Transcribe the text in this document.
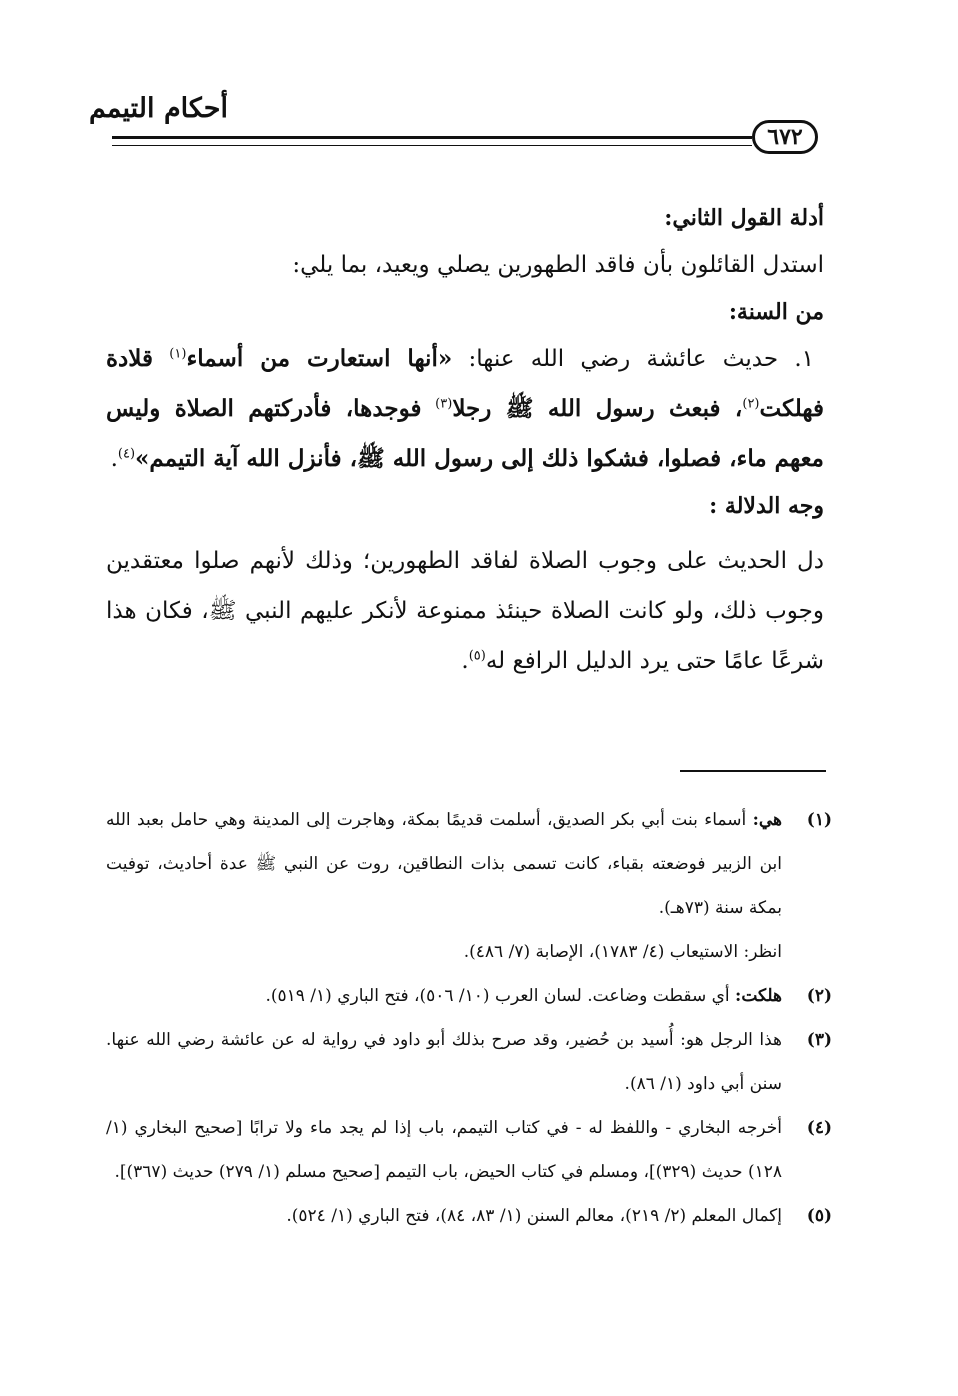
أحكام التيمم
٦٧٢

أدلة القول الثاني:

استدل القائلون بأن فاقد الطهورين يصلي ويعيد، بما يلي:

من السنة:

١. حديث عائشة رضي الله عنها: «أنها استعارت من أسماء$^{(١)}$ قلادة فهلكت$^{(٢)}$، فبعث رسول الله ﷺ رجلا$^{(٣)}$ فوجدها، فأدركتهم الصلاة وليس معهم ماء، فصلوا، فشكوا ذلك إلى رسول الله ﷺ، فأنزل الله آية التيمم»$^{(٤)}$.

وجه الدلالة :

دل الحديث على وجوب الصلاة لفاقد الطهورين؛ وذلك لأنهم صلوا معتقدين وجوب ذلك، ولو كانت الصلاة حينئذ ممنوعة لأنكر عليهم النبي ﷺ، فكان هذا شرعًا عامًا حتى يرد الدليل الرافع له$^{(٥)}$.

(١)
هي: أسماء بنت أبي بكر الصديق، أسلمت قديمًا بمكة، وهاجرت إلى المدينة وهي حامل بعبد الله ابن الزبير فوضعته بقباء، كانت تسمى بذات النطاقين، روت عن النبي ﷺ عدة أحاديث، توفيت بمكة سنة (٧٣هـ).

انظر: الاستيعاب (٤/ ١٧٨٣)، الإصابة (٧/ ٤٨٦).

(٢)
هلكت: أي سقطت وضاعت. لسان العرب (١٠/ ٥٠٦)، فتح الباري (١/ ٥١٩).

(٣)
هذا الرجل هو: أُسيد بن حُضير، وقد صرح بذلك أبو داود في رواية له عن عائشة رضي الله عنها. سنن أبي داود (١/ ٨٦).

(٤)
أخرجه البخاري - واللفظ له - في كتاب التيمم، باب إذا لم يجد ماء ولا ترابًا [صحيح البخاري (١/ ١٢٨) حديث (٣٢٩)]، ومسلم في كتاب الحيض، باب التيمم [صحيح مسلم (١/ ٢٧٩) حديث (٣٦٧)].

(٥)
إكمال المعلم (٢/ ٢١٩)، معالم السنن (١/ ٨٣، ٨٤)، فتح الباري (١/ ٥٢٤).
